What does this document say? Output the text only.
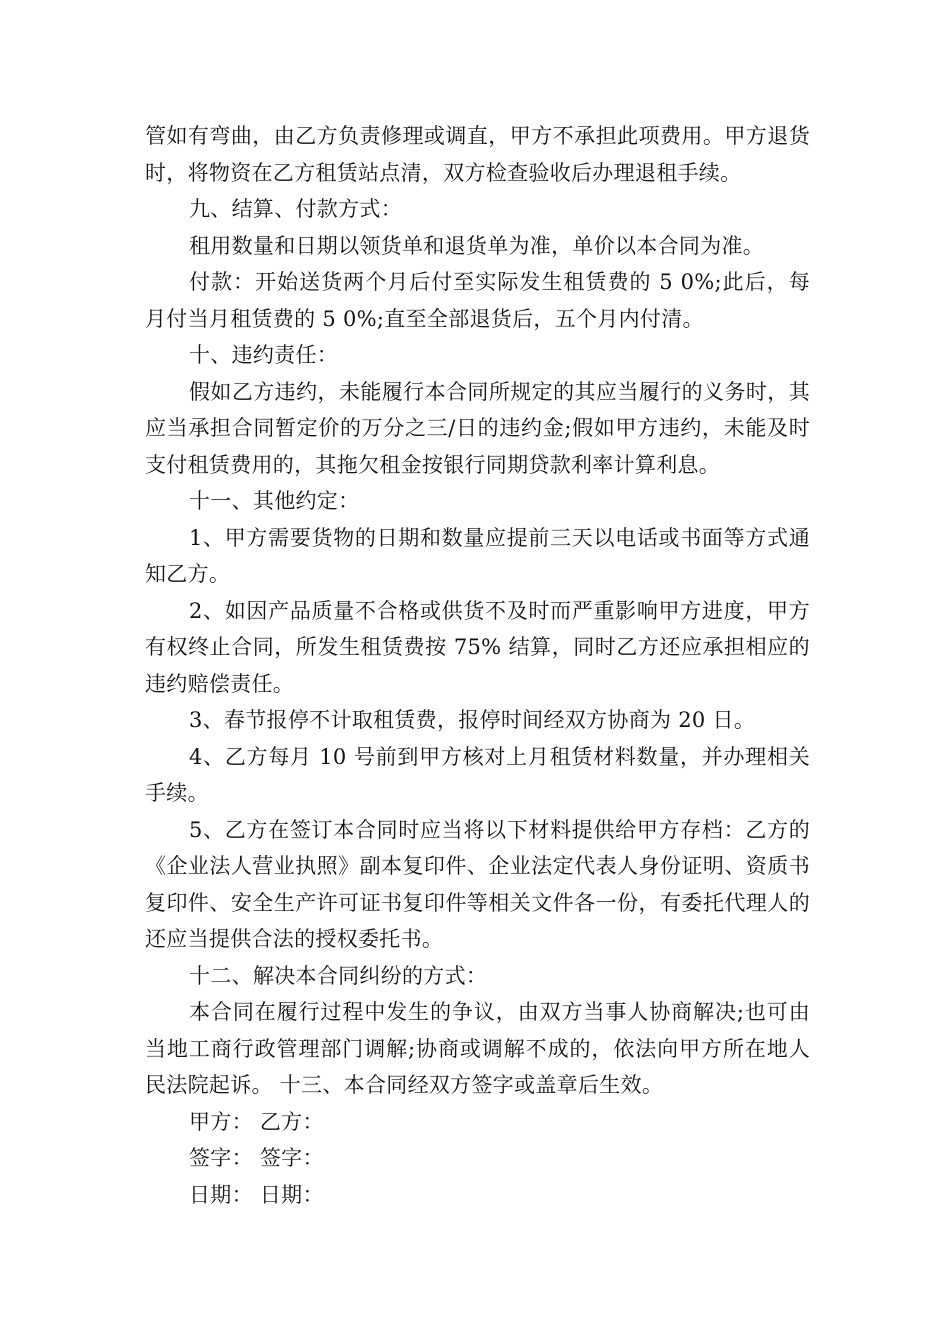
管如有弯曲，由乙方负责修理或调直，甲方不承担此项费用。甲方退货时，将物资在乙方租赁站点清，双方检查验收后办理退租手续。

九、结算、付款方式：

租用数量和日期以领货单和退货单为准，单价以本合同为准。

付款：开始送货两个月后付至实际发生租赁费的 5 0%;此后，每月付当月租赁费的 5 0%;直至全部退货后，五个月内付清。

十、违约责任：

假如乙方违约，未能履行本合同所规定的其应当履行的义务时，其应当承担合同暂定价的万分之三/日的违约金;假如甲方违约，未能及时支付租赁费用的，其拖欠租金按银行同期贷款利率计算利息。

十一、其他约定：

1、甲方需要货物的日期和数量应提前三天以电话或书面等方式通知乙方。

2、如因产品质量不合格或供货不及时而严重影响甲方进度，甲方有权终止合同，所发生租赁费按 75% 结算，同时乙方还应承担相应的违约赔偿责任。

3、春节报停不计取租赁费，报停时间经双方协商为 20 日。

4、乙方每月 10 号前到甲方核对上月租赁材料数量，并办理相关手续。

5、乙方在签订本合同时应当将以下材料提供给甲方存档：乙方的《企业法人营业执照》副本复印件、企业法定代表人身份证明、资质书复印件、安全生产许可证书复印件等相关文件各一份，有委托代理人的还应当提供合法的授权委托书。

十二、解决本合同纠纷的方式：

本合同在履行过程中发生的争议，由双方当事人协商解决;也可由当地工商行政管理部门调解;协商或调解不成的，依法向甲方所在地人民法院起诉。 十三、本合同经双方签字或盖章后生效。

甲方： 乙方：

签字： 签字：

日期： 日期：
